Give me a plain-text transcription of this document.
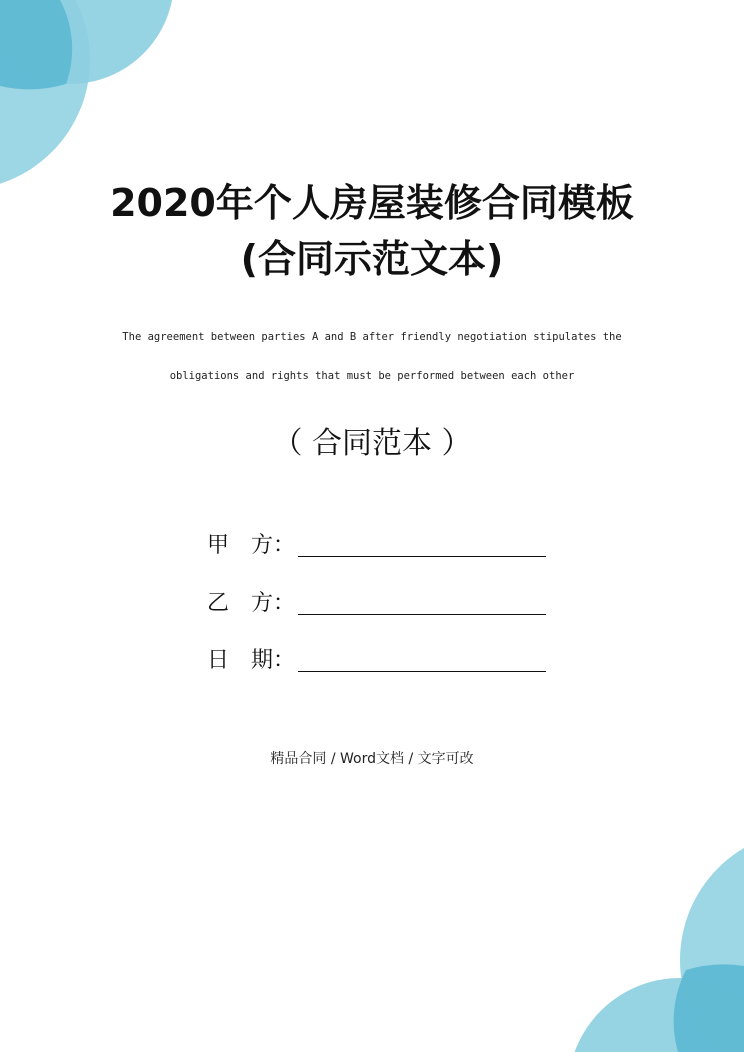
2020年个人房屋装修合同模板
(合同示范文本)
The agreement between parties A and B after friendly negotiation stipulates the
obligations and rights that must be performed between each other
（ 合同范本 ）
甲　方：
乙　方：
日　期：
精品合同 / Word文档 / 文字可改
